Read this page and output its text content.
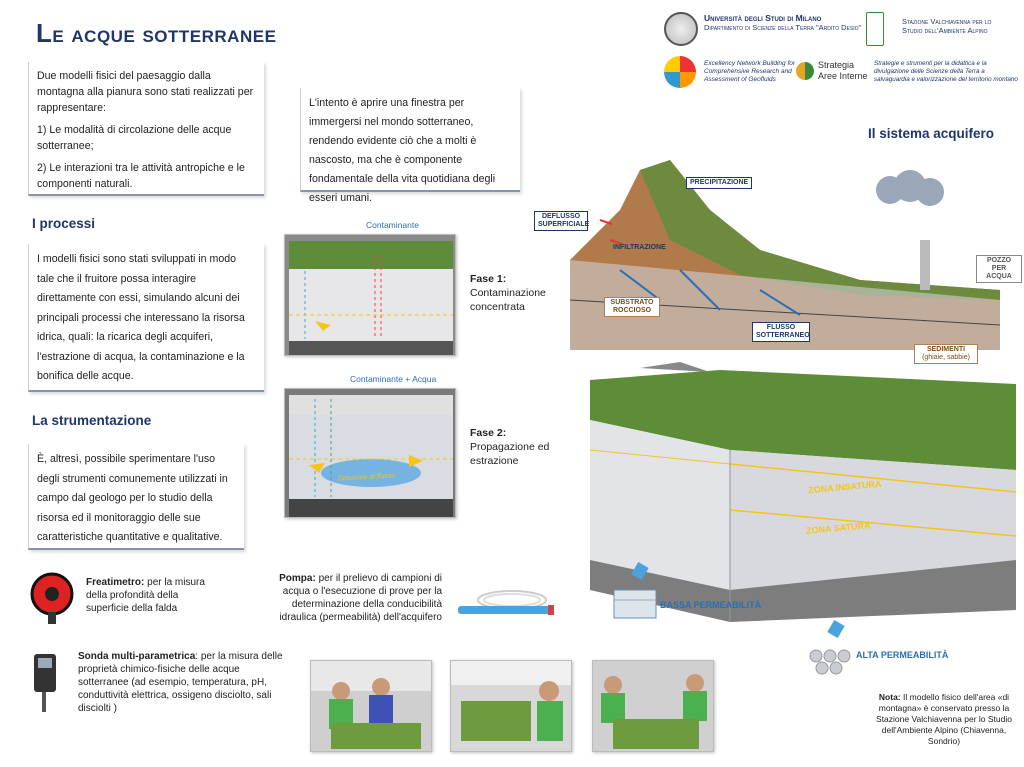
Le acque sotterranee
Università degli Studi di Milano
Dipartimento di Scienze della Terra "Ardito Desio"
Stazione Valchiavenna per lo Studio dell'Ambiente Alpino
Excellency Network Building for Comprehensive Research and Assessment of Geofluids
Strategia
Aree Interne
Strategie e strumenti per la didattica e la divulgazione delle Scienze della Terra a salvaguardia e valorizzazione del territorio montano

Due modelli fisici del paesaggio dalla montagna alla pianura sono stati realizzati per rappresentare:

1) Le modalità di circolazione delle acque sotterranee;

2) Le interazioni tra le attività antropiche e le componenti naturali.

L'intento è aprire una finestra per immergersi nel mondo sotterraneo, rendendo evidente ciò che a molti è nascosto, ma che è componente fondamentale della vita quotidiana degli esseri umani.

I processi

I modelli fisici sono stati sviluppati in modo tale che il fruitore possa interagire direttamente con essi, simulando alcuni dei principali processi che interessano la risorsa idrica, quali: la ricarica degli acquiferi, l'estrazione di acqua, la contaminazione e la bonifica delle acque.

La strumentazione

È, altresì, possibile sperimentare l'uso degli strumenti comunemente utilizzati in campo dal geologo per lo studio della risorsa ed il monitoraggio delle sue caratteristiche quantitative e qualitative.

Contaminante
Fase 1:
Contaminazione concentrata
Contaminante + Acqua
Direzione di flusso
Fase 2:
Propagazione ed estrazione
Freatimetro: per la misura della profondità della superficie della falda
Pompa: per il prelievo di campioni di acqua o l'esecuzione di prove per la determinazione della conducibilità idraulica (permeabilità) dell'acquifero
Sonda multi-parametrica: per la misura delle proprietà chimico-fisiche delle acque sotterranee (ad esempio, temperatura, pH, conduttività elettrica, ossigeno disciolto, sali disciolti )
Il sistema acquifero
PRECIPITAZIONE
DEFLUSSO SUPERFICIALE
INFILTRAZIONE
SUBSTRATO ROCCIOSO
FLUSSO SOTTERRANEO
POZZO PER ACQUA
SEDIMENTI
(ghiaie, sabbie)
ZONA INSATURA
ZONA SATURA
BASSA PERMEABILITÀ
ALTA PERMEABILITÀ
Nota: Il modello fisico dell'area «di montagna» è conservato presso la Stazione Valchiavenna per lo Studio dell'Ambiente Alpino (Chiavenna, Sondrio)
